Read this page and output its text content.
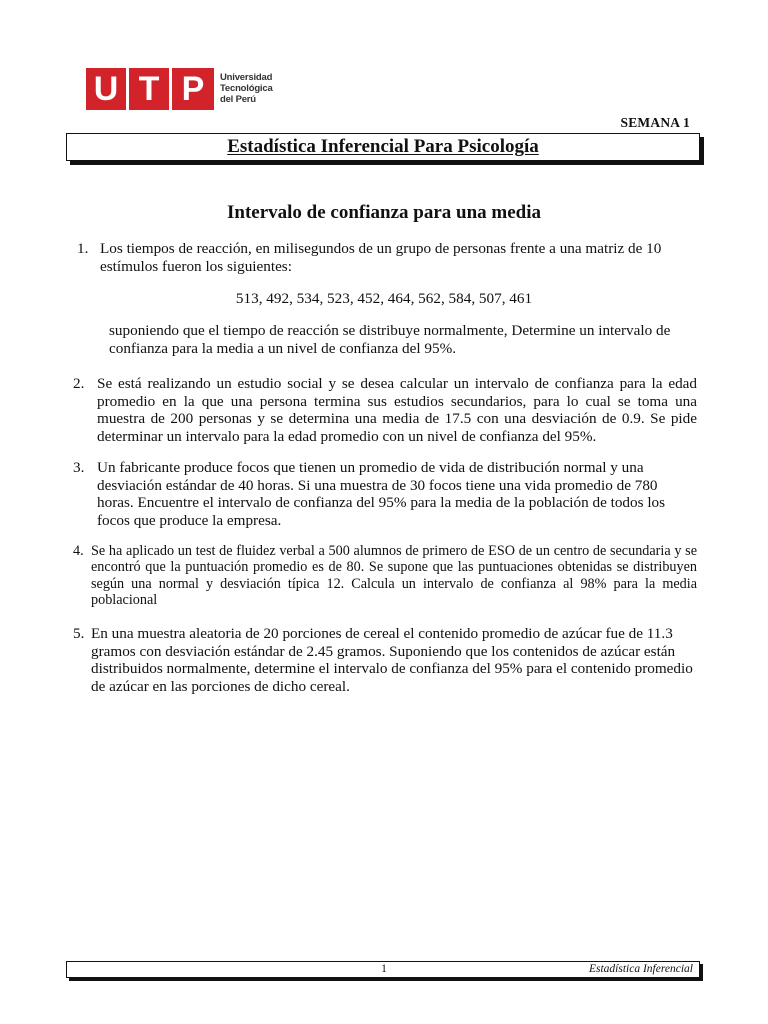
U T P	Universidad
Tecnológica
del Perú
SEMANA 1
Estadística Inferencial Para Psicología
Intervalo de confianza para una media
1. Los tiempos de reacción, en milisegundos de un grupo de personas frente a una matriz de 10 estímulos fueron los siguientes:
513, 492, 534, 523, 452, 464, 562, 584, 507, 461
suponiendo que el tiempo de reacción se distribuye normalmente, Determine un intervalo de confianza para la media a un nivel de confianza del 95%.
2. Se está realizando un estudio social y se desea calcular un intervalo de confianza para la edad promedio en la que una persona termina sus estudios secundarios, para lo cual se toma una muestra de 200 personas y se determina una media de 17.5 con una desviación de 0.9. Se pide determinar un intervalo para la edad promedio con un nivel de confianza del 95%.
3. Un fabricante produce focos que tienen un promedio de vida de distribución normal y una desviación estándar de 40 horas. Si una muestra de 30 focos tiene una vida promedio de 780 horas. Encuentre el intervalo de confianza del 95% para la media de la población de todos los focos que produce la empresa.
4. Se ha aplicado un test de fluidez verbal a 500 alumnos de primero de ESO de un centro de secundaria y se encontró que la puntuación promedio es de 80. Se supone que las puntuaciones obtenidas se distribuyen según una normal y desviación típica 12. Calcula un intervalo de confianza al 98% para la media poblacional
5. En una muestra aleatoria de 20 porciones de cereal el contenido promedio de azúcar fue de 11.3 gramos con desviación estándar de 2.45 gramos. Suponiendo que los contenidos de azúcar están distribuidos normalmente, determine el intervalo de confianza del 95% para el contenido promedio de azúcar en las porciones de dicho cereal.
1	Estadística Inferencial
